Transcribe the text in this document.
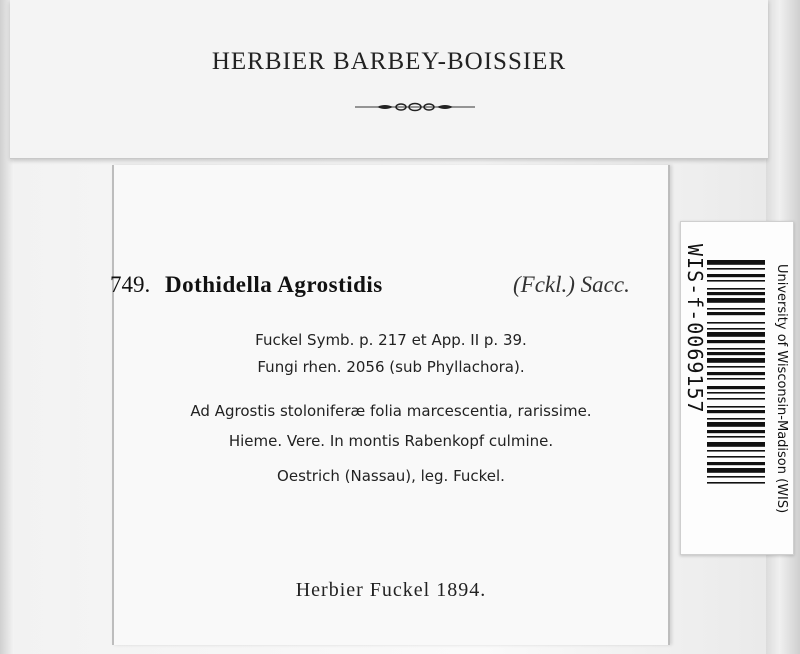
HERBIER BARBEY-BOISSIER
749. Dothidella Agrostidis	(Fckl.) Sacc.
Fuckel Symb. p. 217 et App. II p. 39.
Fungi rhen. 2056 (sub Phyllachora).
Ad Agrostis stoloniferæ folia marcescentia, rarissime.
Hieme. Vere. In montis Rabenkopf culmine.
Oestrich (Nassau), leg. Fuckel.
Herbier Fuckel 1894.
WIS-f-0069157	University of Wisconsin-Madison (WIS)
